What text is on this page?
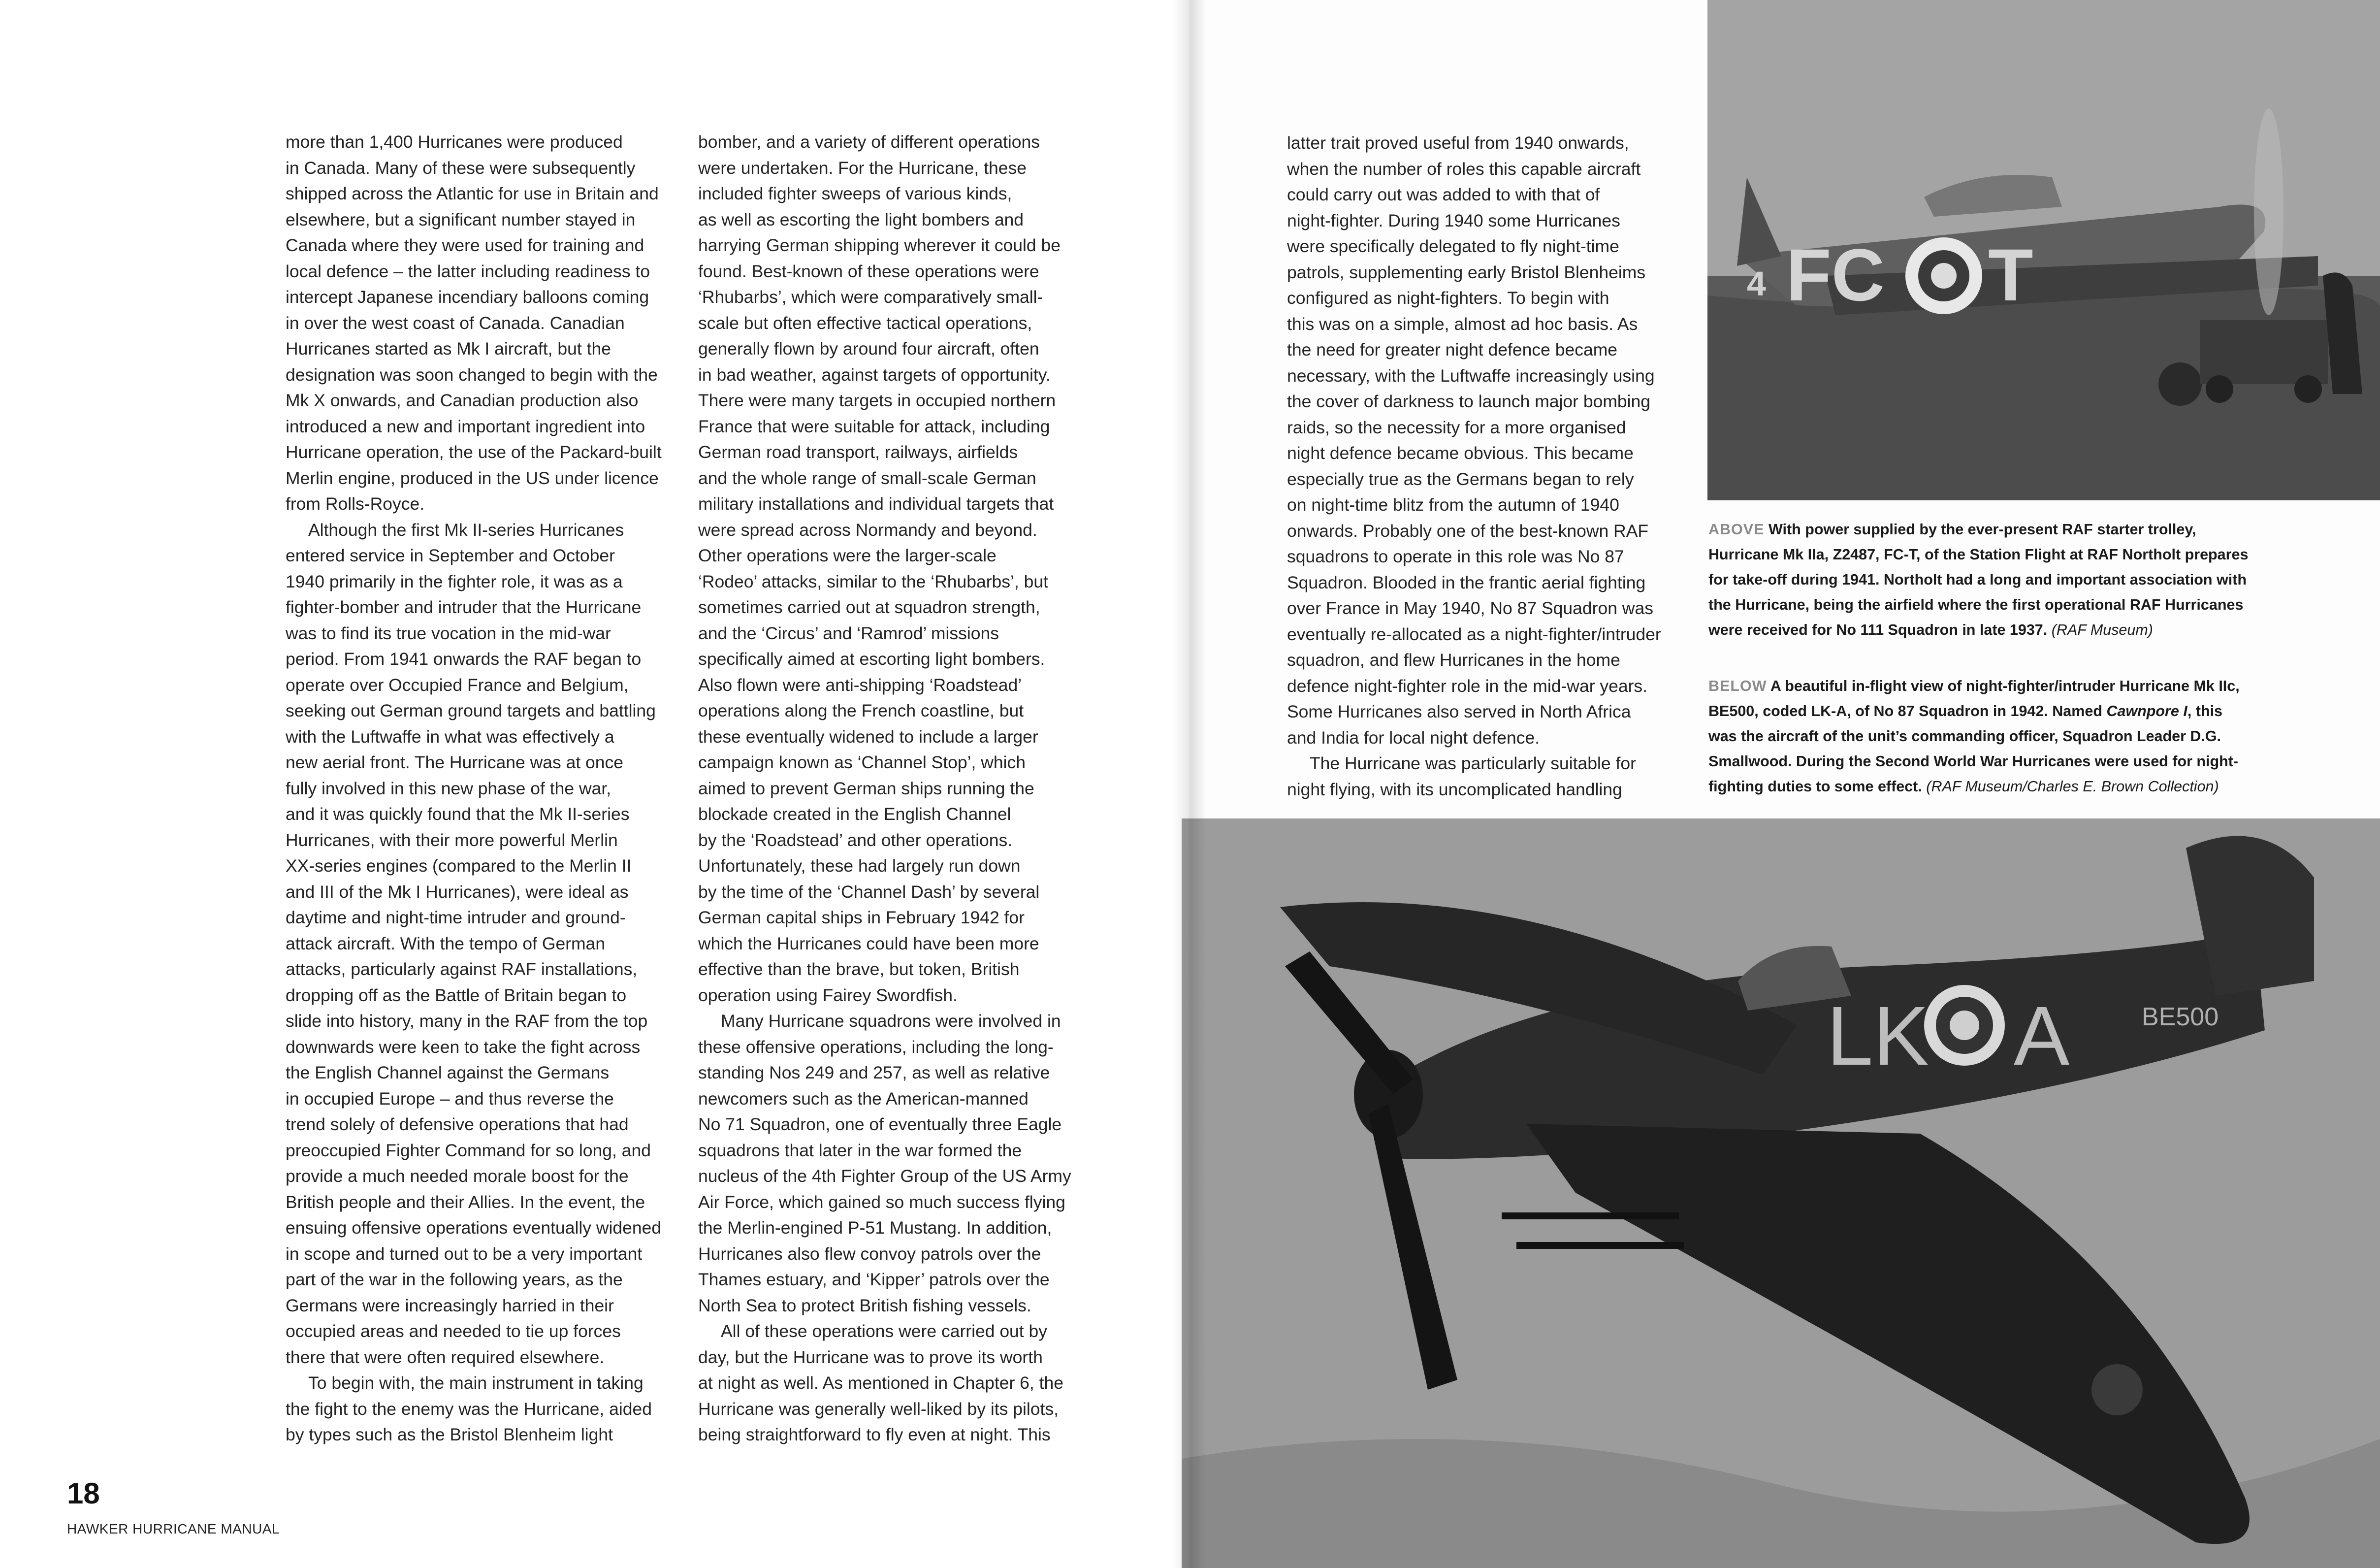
more than 1,400 Hurricanes were produced

in Canada. Many of these were subsequently

shipped across the Atlantic for use in Britain and

elsewhere, but a significant number stayed in

Canada where they were used for training and

local defence – the latter including readiness to

intercept Japanese incendiary balloons coming

in over the west coast of Canada. Canadian

Hurricanes started as Mk I aircraft, but the

designation was soon changed to begin with the

Mk X onwards, and Canadian production also

introduced a new and important ingredient into

Hurricane operation, the use of the Packard-built

Merlin engine, produced in the US under licence

from Rolls-Royce.

Although the first Mk II-series Hurricanes

entered service in September and October

1940 primarily in the fighter role, it was as a

fighter-bomber and intruder that the Hurricane

was to find its true vocation in the mid-war

period. From 1941 onwards the RAF began to

operate over Occupied France and Belgium,

seeking out German ground targets and battling

with the Luftwaffe in what was effectively a

new aerial front. The Hurricane was at once

fully involved in this new phase of the war,

and it was quickly found that the Mk II-series

Hurricanes, with their more powerful Merlin

XX-series engines (compared to the Merlin II

and III of the Mk I Hurricanes), were ideal as

daytime and night-time intruder and ground-

attack aircraft. With the tempo of German

attacks, particularly against RAF installations,

dropping off as the Battle of Britain began to

slide into history, many in the RAF from the top

downwards were keen to take the fight across

the English Channel against the Germans

in occupied Europe – and thus reverse the

trend solely of defensive operations that had

preoccupied Fighter Command for so long, and

provide a much needed morale boost for the

British people and their Allies. In the event, the

ensuing offensive operations eventually widened

in scope and turned out to be a very important

part of the war in the following years, as the

Germans were increasingly harried in their

occupied areas and needed to tie up forces

there that were often required elsewhere.

To begin with, the main instrument in taking

the fight to the enemy was the Hurricane, aided

by types such as the Bristol Blenheim light

bomber, and a variety of different operations

were undertaken. For the Hurricane, these

included fighter sweeps of various kinds,

as well as escorting the light bombers and

harrying German shipping wherever it could be

found. Best-known of these operations were

‘Rhubarbs’, which were comparatively small-

scale but often effective tactical operations,

generally flown by around four aircraft, often

in bad weather, against targets of opportunity.

There were many targets in occupied northern

France that were suitable for attack, including

German road transport, railways, airfields

and the whole range of small-scale German

military installations and individual targets that

were spread across Normandy and beyond.

Other operations were the larger-scale

‘Rodeo’ attacks, similar to the ‘Rhubarbs’, but

sometimes carried out at squadron strength,

and the ‘Circus’ and ‘Ramrod’ missions

specifically aimed at escorting light bombers.

Also flown were anti-shipping ‘Roadstead’

operations along the French coastline, but

these eventually widened to include a larger

campaign known as ‘Channel Stop’, which

aimed to prevent German ships running the

blockade created in the English Channel

by the ‘Roadstead’ and other operations.

Unfortunately, these had largely run down

by the time of the ‘Channel Dash’ by several

German capital ships in February 1942 for

which the Hurricanes could have been more

effective than the brave, but token, British

operation using Fairey Swordfish.

Many Hurricane squadrons were involved in

these offensive operations, including the long-

standing Nos 249 and 257, as well as relative

newcomers such as the American-manned

No 71 Squadron, one of eventually three Eagle

squadrons that later in the war formed the

nucleus of the 4th Fighter Group of the US Army

Air Force, which gained so much success flying

the Merlin-engined P-51 Mustang. In addition,

Hurricanes also flew convoy patrols over the

Thames estuary, and ‘Kipper’ patrols over the

North Sea to protect British fishing vessels.

All of these operations were carried out by

day, but the Hurricane was to prove its worth

at night as well. As mentioned in Chapter 6, the

Hurricane was generally well-liked by its pilots,

being straightforward to fly even at night. This

18
HAWKER HURRICANE MANUAL

latter trait proved useful from 1940 onwards,

when the number of roles this capable aircraft

could carry out was added to with that of

night-fighter. During 1940 some Hurricanes

were specifically delegated to fly night-time

patrols, supplementing early Bristol Blenheims

configured as night-fighters. To begin with

this was on a simple, almost ad hoc basis. As

the need for greater night defence became

necessary, with the Luftwaffe increasingly using

the cover of darkness to launch major bombing

raids, so the necessity for a more organised

night defence became obvious. This became

especially true as the Germans began to rely

on night-time blitz from the autumn of 1940

onwards. Probably one of the best-known RAF

squadrons to operate in this role was No 87

Squadron. Blooded in the frantic aerial fighting

over France in May 1940, No 87 Squadron was

eventually re-allocated as a night-fighter/intruder

squadron, and flew Hurricanes in the home

defence night-fighter role in the mid-war years.

Some Hurricanes also served in North Africa

and India for local night defence.

The Hurricane was particularly suitable for

night flying, with its uncomplicated handling

FC T
4

ABOVE With power supplied by the ever-present RAF starter trolley,

Hurricane Mk IIa, Z2487, FC-T, of the Station Flight at RAF Northolt prepares

for take-off during 1941. Northolt had a long and important association with

the Hurricane, being the airfield where the first operational RAF Hurricanes

were received for No 111 Squadron in late 1937. (RAF Museum)

BELOW A beautiful in-flight view of night-fighter/intruder Hurricane Mk IIc,

BE500, coded LK-A, of No 87 Squadron in 1942. Named Cawnpore I, this

was the aircraft of the unit’s commanding officer, Squadron Leader D.G.

Smallwood. During the Second World War Hurricanes were used for night-

fighting duties to some effect. (RAF Museum/Charles E. Brown Collection)

LK A	BE500
